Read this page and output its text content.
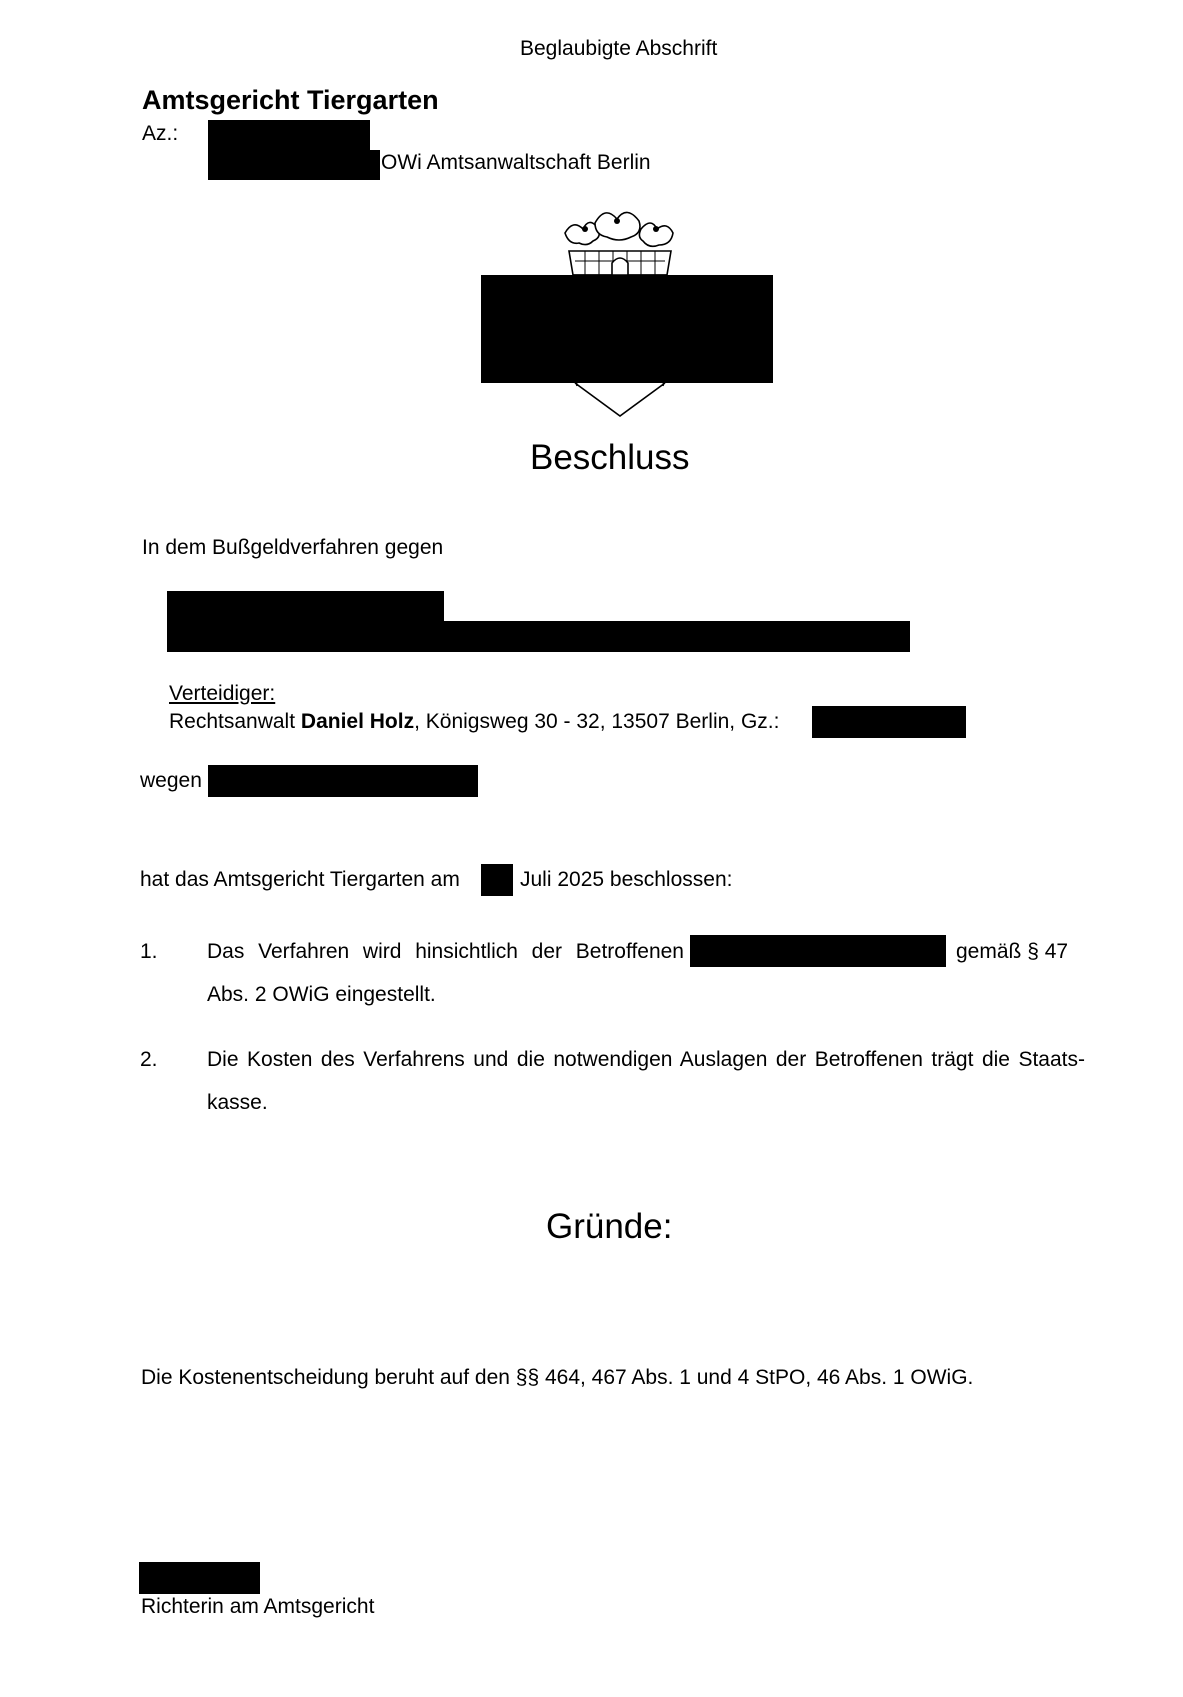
Beglaubigte Abschrift
Amtsgericht Tiergarten
Az.:
OWi Amtsanwaltschaft Berlin
Beschluss
In dem Bußgeldverfahren gegen
Verteidiger:
Rechtsanwalt Daniel Holz, Königsweg 30 - 32, 13507 Berlin, Gz.:
wegen
hat das Amtsgericht Tiergarten am	Juli 2025 beschlossen:
1. Das Verfahren wird hinsichtlich der Betroffenen	gemäß § 47
Abs. 2 OWiG eingestellt.
2. Die Kosten des Verfahrens und die notwendigen Auslagen der Betroffenen trägt die Staats-
kasse.
Gründe:
Die Kostenentscheidung beruht auf den §§ 464, 467 Abs. 1 und 4 StPO, 46 Abs. 1 OWiG.
Richterin am Amtsgericht
